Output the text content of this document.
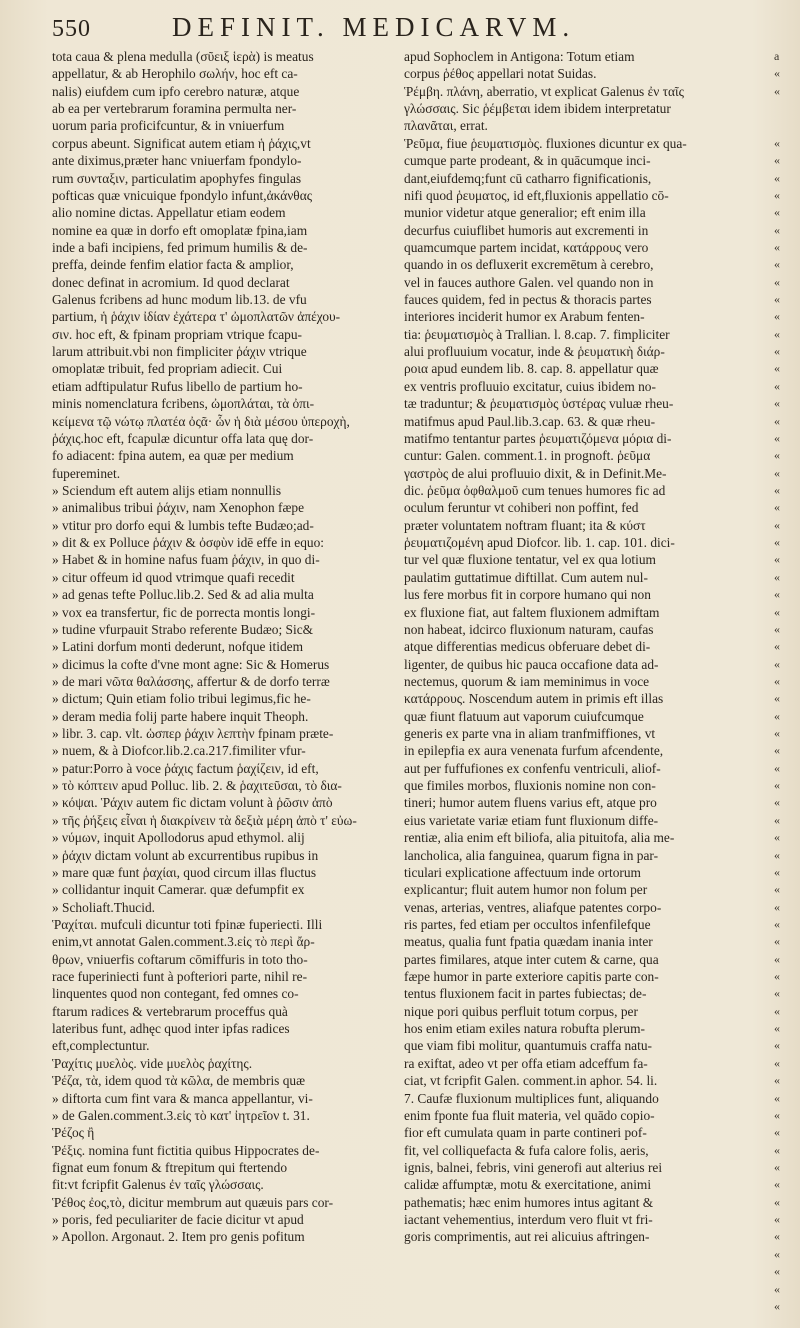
550	DEFINIT. MEDICARVM.
tota caua & plena medulla (σῦειξ ἱερὰ) is meatus
appellatur, & ab Herophilo σωλήν, hoc eft ca-
nalis) eiufdem cum ipfo cerebro naturæ, atque
ab ea per vertebrarum foramina permulta ner-
uorum paria proficifcuntur, & in vniuerfum
corpus abeunt. Significat autem etiam ἡ ῥάχις,vt
ante diximus,præter hanc vniuerfam fpondylo-
rum συνταξιν, particulatim apophyfes fingulas
pofticas quæ vnicuique fpondylo infunt,ἀκάνθας
alio nomine dictas. Appellatur etiam eodem
nomine ea quæ in dorfo eft omoplatæ fpina,iam
inde a bafi incipiens, fed primum humilis & de-
preffa, deinde fenfim elatior facta & amplior,
donec definat in acromium. Id quod declarat
Galenus fcribens ad hunc modum lib.13. de vfu
partium, ἡ ῥάχιν ἰδίαν ἐχάτερα τ' ὠμοπλατῶν ἀπέχου-
σιν. hoc eft, & fpinam propriam vtrique fcapu-
larum attribuit.vbi non fimpliciter ῥάχιν vtrique
omoplatæ tribuit, fed propriam adiecit. Cui
etiam adftipulatur Rufus libello de partium ho-
minis nomenclatura fcribens, ὠμοπλάται, τὰ ὀπι-
κείμενα τῷ νώτῳ πλατέα ὀςᾶ· ὧν ἡ διὰ μέσου ὑπεροχὴ,
ῥάχις.hoc eft, fcapulæ dicuntur offa lata quę dor-
fo adiacent: fpina autem, ea quæ per medium
fupereminet.
» Sciendum eft autem alijs etiam nonnullis
» animalibus tribui ῥάχιν, nam Xenophon fæpe
» vtitur pro dorfo equi & lumbis tefte Budæo;ad-
» dit & ex Polluce ῥάχιν & ὀσφὺν idē effe in equo:
» Habet & in homine nafus fuam ῥάχιν, in quo di-
» citur offeum id quod vtrimque quafi recedit
» ad genas tefte Polluc.lib.2. Sed & ad alia multa
» vox ea transfertur, fic de porrecta montis longi-
» tudine vfurpauit Strabo referente Budæo; Sic&
» Latini dorfum monti dederunt, nofque itidem
» dicimus la cofte d'vne mont agne: Sic & Homerus
» de mari νῶτα θαλάσσης, affertur & de dorfo terræ
» dictum; Quin etiam folio tribui legimus,fic he-
» deram media folij parte habere inquit Theoph.
» libr. 3. cap. vlt. ὡσπερ ῥάχιν λεπτὴν fpinam præte-
» nuem, & à Diofcor.lib.2.ca.217.fimiliter vfur-
» patur:Porro à voce ῥάχις factum ῥαχίζειν, id eft,
» τὸ κόπτειν apud Polluc. lib. 2. & ῥαχιτεῦσαι, τὸ δια-
» κόψαι. Ῥάχιν autem fic dictam volunt à ῥῶσιν ἀπὸ
» τῆς ῥήξεις εἶναι ἡ διακρίνειν τὰ δεξιὰ μέρη ἀπὸ τ' εὐω-
» νύμων, inquit Apollodorus apud ethymol. alij
» ῥάχιν dictam volunt ab excurrentibus rupibus in
» mare quæ funt ῥαχίαι, quod circum illas fluctus
» collidantur inquit Camerar. quæ defumpfit ex
» Scholiaft.Thucid.
Ῥαχίται. mufculi dicuntur toti fpinæ fuperiecti. Illi
enim,vt annotat Galen.comment.3.εἰς τὸ περὶ ἄρ-
θρων, vniuerfis coftarum cōmiffuris in toto tho-
race fuperiniecti funt à pofteriori parte, nihil re-
linquentes quod non contegant, fed omnes co-
ftarum radices & vertebrarum proceffus quà
lateribus funt, adhęc quod inter ipfas radices
eft,complectuntur.
Ῥαχίτις μυελὸς. vide μυελὸς ῥαχίτης.
Ῥέζα, τὰ, idem quod τὰ κῶλα, de membris quæ
» diftorta cum fint vara & manca appellantur, vi-
» de Galen.comment.3.εἰς τὸ κατ' ἰητρεῖον t. 31.
Ῥέζος ἢ
Ῥέξις. nomina funt fictitia quibus Hippocrates de-
fignat eum fonum & ftrepitum qui ftertendo
fit:vt fcripfit Galenus ἐν ταῖς γλώσσαις.
Ῥέθος ἐος,τὸ, dicitur membrum aut quæuis pars cor-
» poris, fed peculiariter de facie dicitur vt apud
» Apollon. Argonaut. 2. Item pro genis pofitum
apud Sophoclem in Antigona: Totum etiam
corpus ῥέθος appellari notat Suidas.
Ῥέμβη. πλάνη, aberratio, vt explicat Galenus ἐν ταῖς
γλώσσαις. Sic ῥέμβεται idem ibidem interpretatur
πλανᾶται, errat.
Ῥεῦμα, fiue ῥευματισμὸς. fluxiones dicuntur ex qua-
cumque parte prodeant, & in quācumque inci-
dant,eiufdemq;funt cū catharro fignificationis,
nifi quod ῥευματος, id eft,fluxionis appellatio cō-
munior videtur atque generalior; eft enim illa
decurfus cuiuflibet humoris aut excrementi in
quamcumque partem incidat, κατάρρους vero
quando in os defluxerit excremētum à cerebro,
vel in fauces authore Galen. vel quando non in
fauces quidem, fed in pectus & thoracis partes
interiores inciderit humor ex Arabum fenten-
tia: ῥευματισμὸς à Trallian. l. 8.cap. 7. fimpliciter
alui profluuium vocatur, inde & ῥευματικὴ διάρ-
ροια apud eundem lib. 8. cap. 8. appellatur quæ
ex ventris profluuio excitatur, cuius ibidem no-
tæ traduntur; & ῥευματισμὸς ὑστέρας vuluæ rheu-
matifmus apud Paul.lib.3.cap. 63. & quæ rheu-
matifmo tentantur partes ῥευματιζόμενα μόρια di-
cuntur: Galen. comment.1. in prognoft. ῥεῦμα
γαστρὸς de alui profluuio dixit, & in Definit.Me-
dic. ῥεῦμα ὀφθαλμοῦ cum tenues humores fic ad
oculum feruntur vt cohiberi non poffint, fed
præter voluntatem noftram fluant; ita & κύστ
ῥευματιζομένη apud Diofcor. lib. 1. cap. 101. dici-
tur vel quæ fluxione tentatur, vel ex qua lotium
paulatim guttatimue diftillat. Cum autem nul-
lus fere morbus fit in corpore humano qui non
ex fluxione fiat, aut faltem fluxionem admiftam
non habeat, idcirco fluxionum naturam, caufas
atque differentias medicus obferuare debet di-
ligenter, de quibus hic pauca occafione data ad-
nectemus, quorum & iam meminimus in voce
κατάρρους. Noscendum autem in primis eft illas
quæ fiunt flatuum aut vaporum cuiufcumque
generis ex parte vna in aliam tranfmiffiones, vt
in epilepfia ex aura venenata furfum afcendente,
aut per fuffufiones ex confenfu ventriculi, aliof-
que fimiles morbos, fluxionis nomine non con-
tineri; humor autem fluens varius eft, atque pro
eius varietate variæ etiam funt fluxionum diffe-
rentiæ, alia enim eft biliofa, alia pituitofa, alia me-
lancholica, alia fanguinea, quarum figna in par-
ticulari explicatione affectuum inde ortorum
explicantur; fluit autem humor non folum per
venas, arterias, ventres, aliafque patentes corpo-
ris partes, fed etiam per occultos infenfilefque
meatus, qualia funt fpatia quædam inania inter
partes fimilares, atque inter cutem & carne, qua
fæpe humor in parte exteriore capitis parte con-
tentus fluxionem facit in partes fubiectas; de-
nique pori quibus perfluit totum corpus, per
hos enim etiam exiles natura robufta plerum-
que viam fibi molitur, quantumuis craffa natu-
ra exiftat, adeo vt per offa etiam adceffum fa-
ciat, vt fcripfit Galen. comment.in aphor. 54. li.
7. Caufæ fluxionum multiplices funt, aliquando
enim fponte fua fluit materia, vel quādo copio-
fior eft cumulata quam in parte contineri pof-
fit, vel colliquefacta & fufa calore folis, aeris,
ignis, balnei, febris, vini generofi aut alterius rei
calidæ affumptæ, motu & exercitatione, animi
pathematis; hæc enim humores intus agitant &
iactant vehementius, interdum vero fluit vt fri-
goris comprimentis, aut rei alicuius aftringen-
a
«
«
«
«
«
«
«
«
«
«
«
«
«
«
«
«
«
«
«
«
«
«
«
«
«
«
«
«
«
«
«
«
«
«
«
«
«
«
«
«
«
«
«
«
«
«
«
«
«
«
«
«
«
«
«
«
«
«
«
«
«
«
«
«
«
«
«
«
«
«
